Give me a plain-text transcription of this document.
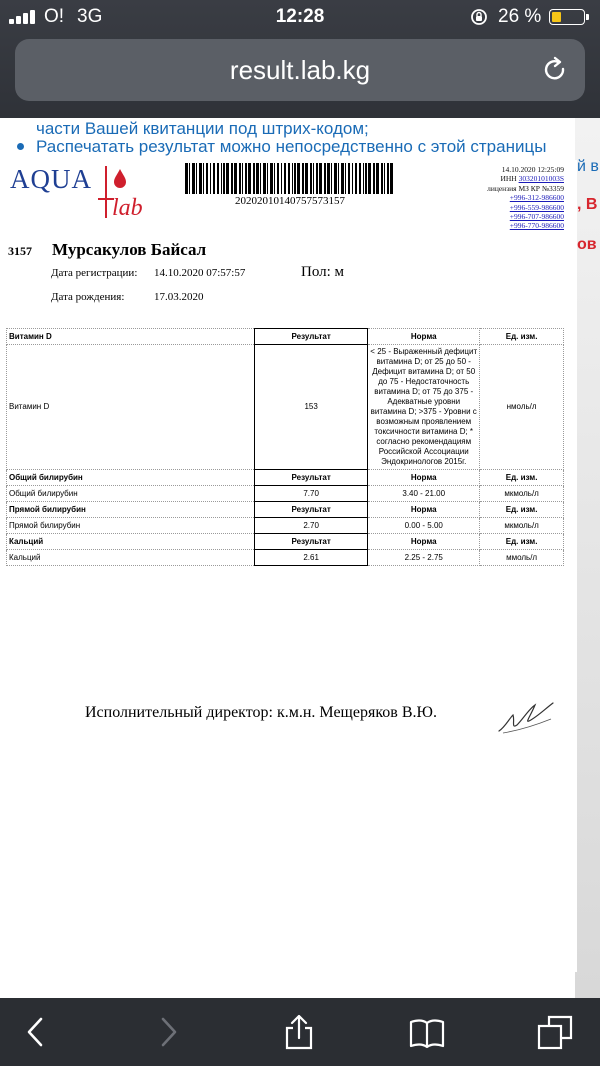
O! 3G	12:28	26 %
result.lab.kg
части Вашей квитанции под штрих-кодом;
Распечатать результат можно непосредственно с этой страницы
й в
, В
ов
AQUA
lab	20202010140757573157
14.10.2020 12:25:09
ИНН 30320101003S
лицензия МЗ КР №3359
+996-312-986600
+996-559-986600
+996-707-986600
+996-770-986600
3157 Мурсакулов Байсал
Дата регистрации: 14.10.2020 07:57:57	Пол: м
Дата рождения:	17.03.2020
Витамин D	Результат	Норма	Ед. изм.
Витамин D	153	< 25 - Выраженный дефицит витамина D; от 25 до 50 - Дефицит витамина D; от 50 до 75 - Недостаточность витамина D; от 75 до 375 - Адекватные уровни витамина D; >375 - Уровни с возможным проявлением токсичности витамина D; * согласно рекомендациям Российской Ассоциации Эндокринологов 2015г.	нмоль/л
Общий билирубин	Результат	Норма	Ед. изм.
Общий билирубин	7.70	3.40 - 21.00	мкмоль/л
Прямой билирубин	Результат	Норма	Ед. изм.
Прямой билирубин	2.70	0.00 - 5.00	мкмоль/л
Кальций	Результат	Норма	Ед. изм.
Кальций	2.61	2.25 - 2.75	ммоль/л
Исполнительный директор: к.м.н. Мещеряков В.Ю.
